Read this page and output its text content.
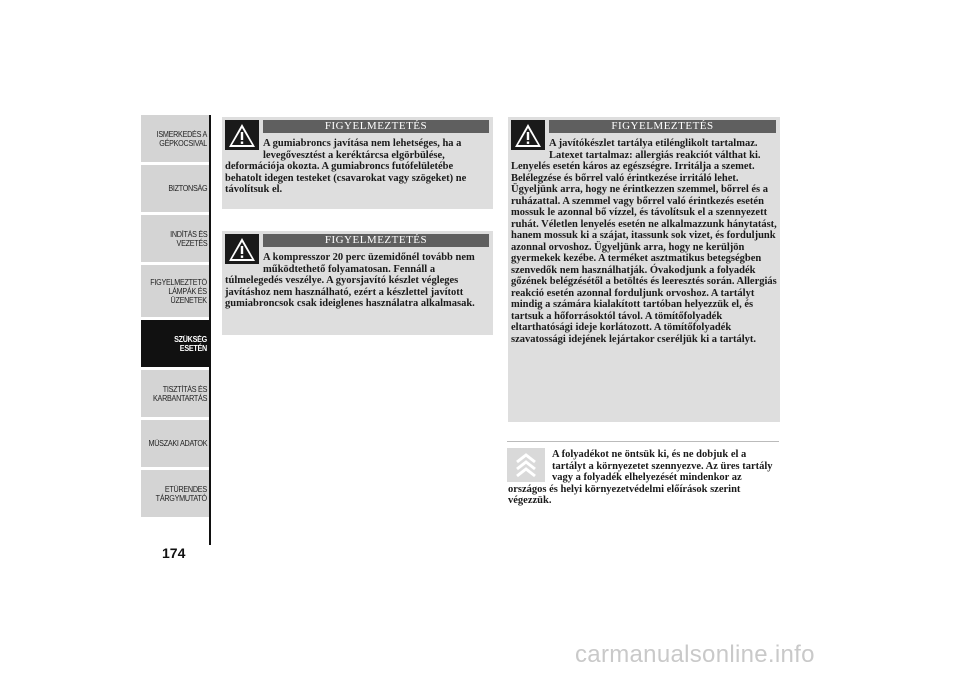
ISMERKEDÉS A
GÉPKOCSIVAL
BIZTONSÁG
INDÍTÁS ÉS
VEZETÉS
FIGYELMEZTETŐ
LÁMPÁK ÉS
ÜZENETEK
SZÜKSÉG ESETÉN
TISZTÍTÁS ÉS
KARBANTARTÁS
MŰSZAKI ADATOK
ETŰRENDES
TÁRGYMUTATÓ
174
FIGYELMEZTETÉS
A gumiabroncs javítása nem lehetséges, ha a levegővesztést a keréktárcsa elgörbülése, deformációja okozta. A gumiabroncs futófelületébe behatolt idegen testeket (csavarokat vagy szögeket) ne távolítsuk el.
FIGYELMEZTETÉS
A kompresszor 20 perc üzemidőnél tovább nem működtethető folyamatosan. Fennáll a túlmelegedés veszélye. A gyorsjavító készlet végleges javításhoz nem használható, ezért a készlettel javított gumiabroncsok csak ideiglenes használatra alkalmasak.
FIGYELMEZTETÉS
A javítókészlet tartálya etilénglikolt tartalmaz. Latexet tartalmaz: allergiás reakciót válthat ki. Lenyelés esetén káros az egészségre. Irritálja a szemet. Belélegzése és bőrrel való érintkezése irritáló lehet. Ügyeljünk arra, hogy ne érintkezzen szemmel, bőrrel és a ruházattal. A szemmel vagy bőrrel való érintkezés esetén mossuk le azonnal bő vízzel, és távolítsuk el a szennyezett ruhát. Véletlen lenyelés esetén ne alkalmazzunk hánytatást, hanem mossuk ki a szájat, itassunk sok vizet, és forduljunk azonnal orvoshoz. Ügyeljünk arra, hogy ne kerüljön gyermekek kezébe. A terméket asztmatikus betegségben szenvedők nem használhatják. Óvakodjunk a folyadék gőzének belégzésétől a betöltés és leeresztés során. Allergiás reakció esetén azonnal forduljunk orvoshoz. A tartályt mindig a számára kialakított tartóban helyezzük el, és tartsuk a hőforrásoktól távol. A tömítőfolyadék eltarthatósági ideje korlátozott. A tömítőfolyadék szavatossági idejének lejártakor cseréljük ki a tartályt.
A folyadékot ne öntsük ki, és ne dobjuk el a tartályt a környezetet szennyezve. Az üres tartály vagy a folyadék elhelyezését mindenkor az országos és helyi környezetvédelmi előírások szerint végezzük.
carmanualsonline.info
